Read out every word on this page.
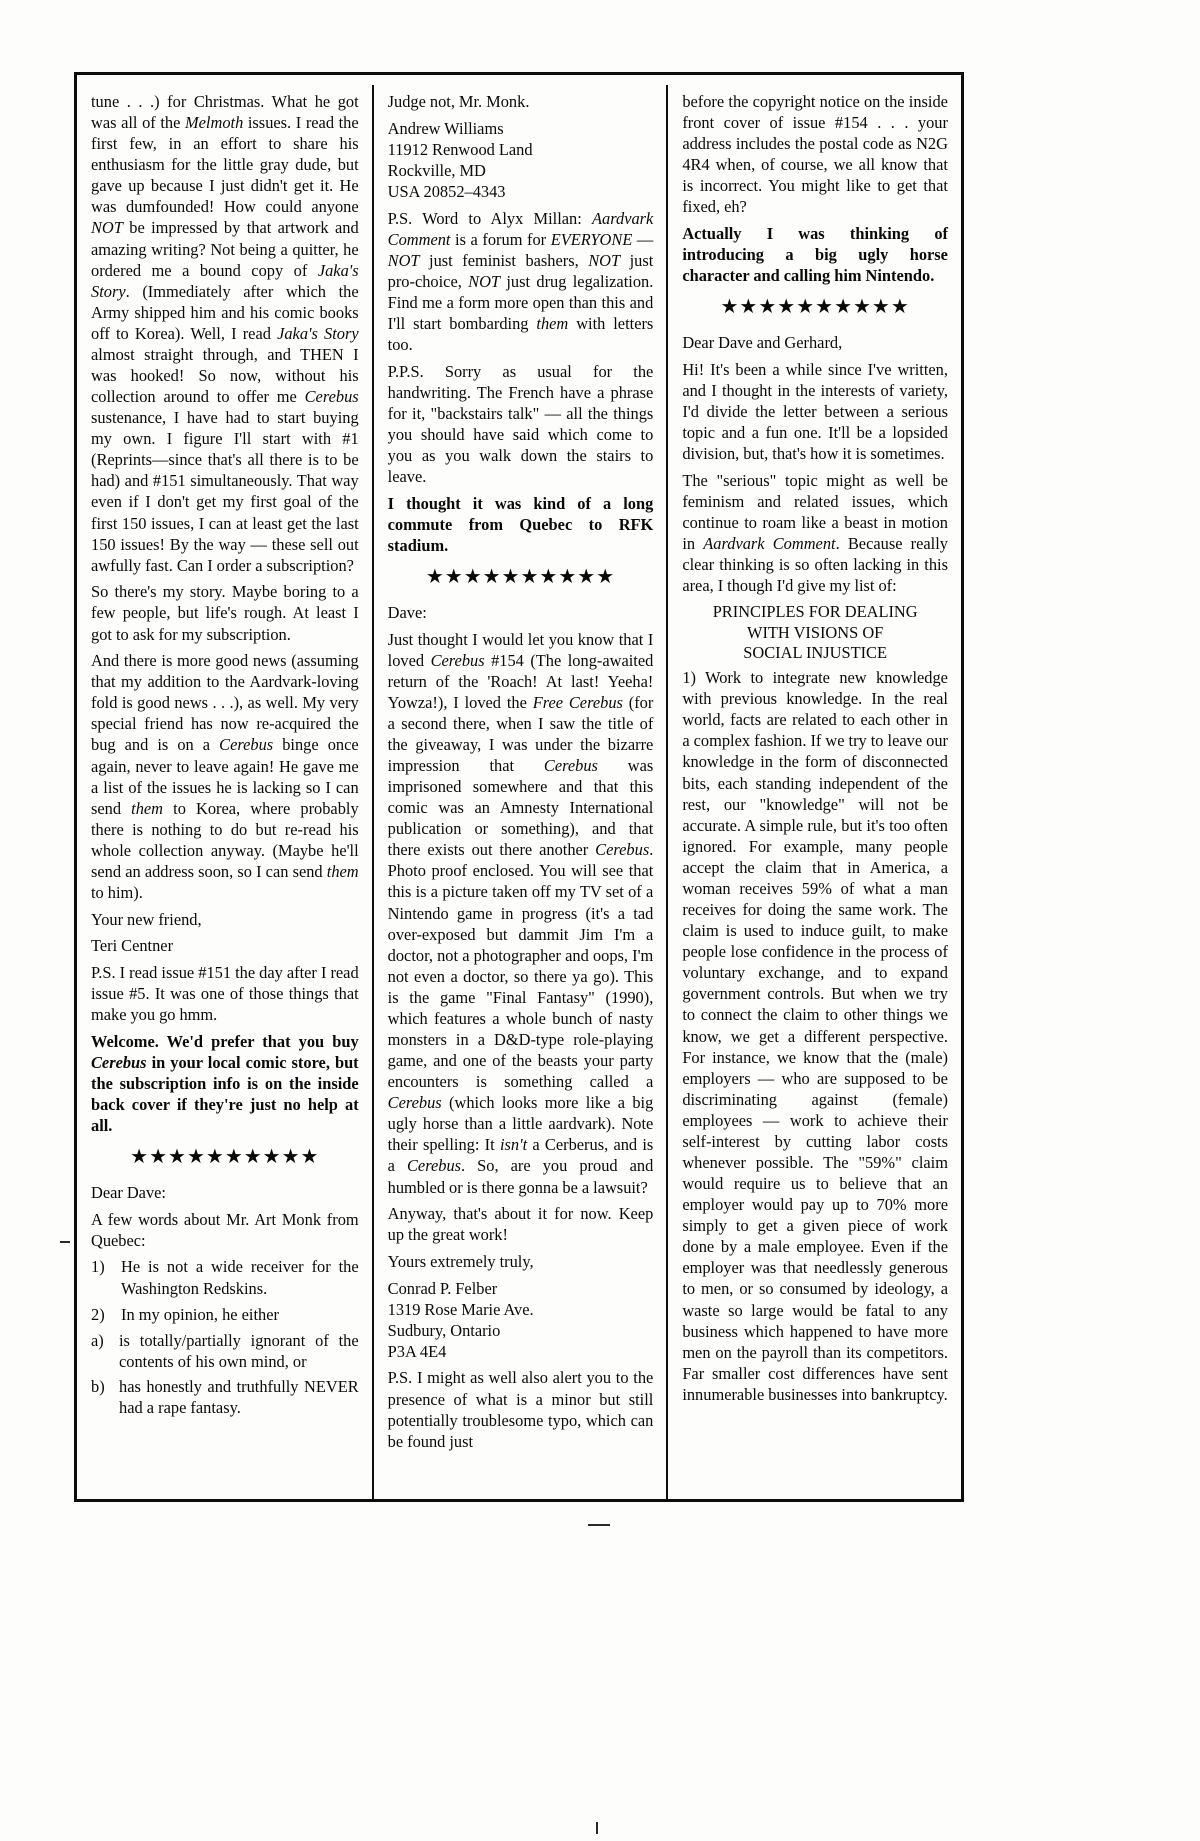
tune . . .) for Christmas. What he got was all of the Melmoth issues. I read the first few, in an effort to share his enthusiasm for the little gray dude, but gave up because I just didn't get it. He was dumfounded! How could anyone NOT be impressed by that artwork and amazing writing? Not being a quitter, he ordered me a bound copy of Jaka's Story. (Immediately after which the Army shipped him and his comic books off to Korea). Well, I read Jaka's Story almost straight through, and THEN I was hooked! So now, without his collection around to offer me Cerebus sustenance, I have had to start buying my own. I figure I'll start with #1 (Reprints—since that's all there is to be had) and #151 simultaneously. That way even if I don't get my first goal of the first 150 issues, I can at least get the last 150 issues! By the way — these sell out awfully fast. Can I order a subscription?

So there's my story. Maybe boring to a few people, but life's rough. At least I got to ask for my subscription.

And there is more good news (assuming that my addition to the Aardvark-loving fold is good news . . .), as well. My very special friend has now re-acquired the bug and is on a Cerebus binge once again, never to leave again! He gave me a list of the issues he is lacking so I can send them to Korea, where probably there is nothing to do but re-read his whole collection anyway. (Maybe he'll send an address soon, so I can send them to him).

Your new friend,

Teri Centner

P.S. I read issue #151 the day after I read issue #5. It was one of those things that make you go hmm.

Welcome. We'd prefer that you buy Cerebus in your local comic store, but the subscription info is on the inside back cover if they're just no help at all.

★★★★★★★★★★

Dear Dave:

A few words about Mr. Art Monk from Quebec:

1) He is not a wide receiver for the Washington Redskins.
2) In my opinion, he either
a) is totally/partially ignorant of the contents of his own mind, or
b) has honestly and truthfully NEVER had a rape fantasy.

Judge not, Mr. Monk.

Andrew Williams
11912 Renwood Land
Rockville, MD
USA 20852–4343

P.S. Word to Alyx Millan: Aardvark Comment is a forum for EVERYONE — NOT just feminist bashers, NOT just pro-choice, NOT just drug legalization. Find me a form more open than this and I'll start bombarding them with letters too.

P.P.S. Sorry as usual for the handwriting. The French have a phrase for it, "backstairs talk" — all the things you should have said which come to you as you walk down the stairs to leave.

I thought it was kind of a long commute from Quebec to RFK stadium.

★★★★★★★★★★

Dave:

Just thought I would let you know that I loved Cerebus #154 (The long-awaited return of the 'Roach! At last! Yeeha! Yowza!), I loved the Free Cerebus (for a second there, when I saw the title of the giveaway, I was under the bizarre impression that Cerebus was imprisoned somewhere and that this comic was an Amnesty International publication or something), and that there exists out there another Cerebus. Photo proof enclosed. You will see that this is a picture taken off my TV set of a Nintendo game in progress (it's a tad over-exposed but dammit Jim I'm a doctor, not a photographer and oops, I'm not even a doctor, so there ya go). This is the game "Final Fantasy" (1990), which features a whole bunch of nasty monsters in a D&D-type role-playing game, and one of the beasts your party encounters is something called a Cerebus (which looks more like a big ugly horse than a little aardvark). Note their spelling: It isn't a Cerberus, and is a Cerebus. So, are you proud and humbled or is there gonna be a lawsuit?

Anyway, that's about it for now. Keep up the great work!

Yours extremely truly,

Conrad P. Felber
1319 Rose Marie Ave.
Sudbury, Ontario
P3A 4E4

P.S. I might as well also alert you to the presence of what is a minor but still potentially troublesome typo, which can be found just

before the copyright notice on the inside front cover of issue #154 . . . your address includes the postal code as N2G 4R4 when, of course, we all know that is incorrect. You might like to get that fixed, eh?

Actually I was thinking of introducing a big ugly horse character and calling him Nintendo.

★★★★★★★★★★

Dear Dave and Gerhard,

Hi! It's been a while since I've written, and I thought in the interests of variety, I'd divide the letter between a serious topic and a fun one. It'll be a lopsided division, but, that's how it is sometimes.

The "serious" topic might as well be feminism and related issues, which continue to roam like a beast in motion in Aardvark Comment. Because really clear thinking is so often lacking in this area, I though I'd give my list of:

PRINCIPLES FOR DEALING
WITH VISIONS OF
SOCIAL INJUSTICE

1) Work to integrate new knowledge with previous knowledge. In the real world, facts are related to each other in a complex fashion. If we try to leave our knowledge in the form of disconnected bits, each standing independent of the rest, our "knowledge" will not be accurate. A simple rule, but it's too often ignored. For example, many people accept the claim that in America, a woman receives 59% of what a man receives for doing the same work. The claim is used to induce guilt, to make people lose confidence in the process of voluntary exchange, and to expand government controls. But when we try to connect the claim to other things we know, we get a different perspective. For instance, we know that the (male) employers — who are supposed to be discriminating against (female) employees — work to achieve their self-interest by cutting labor costs whenever possible. The "59%" claim would require us to believe that an employer would pay up to 70% more simply to get a given piece of work done by a male employee. Even if the employer was that needlessly generous to men, or so consumed by ideology, a waste so large would be fatal to any business which happened to have more men on the payroll than its competitors. Far smaller cost differences have sent innumerable businesses into bankruptcy.
